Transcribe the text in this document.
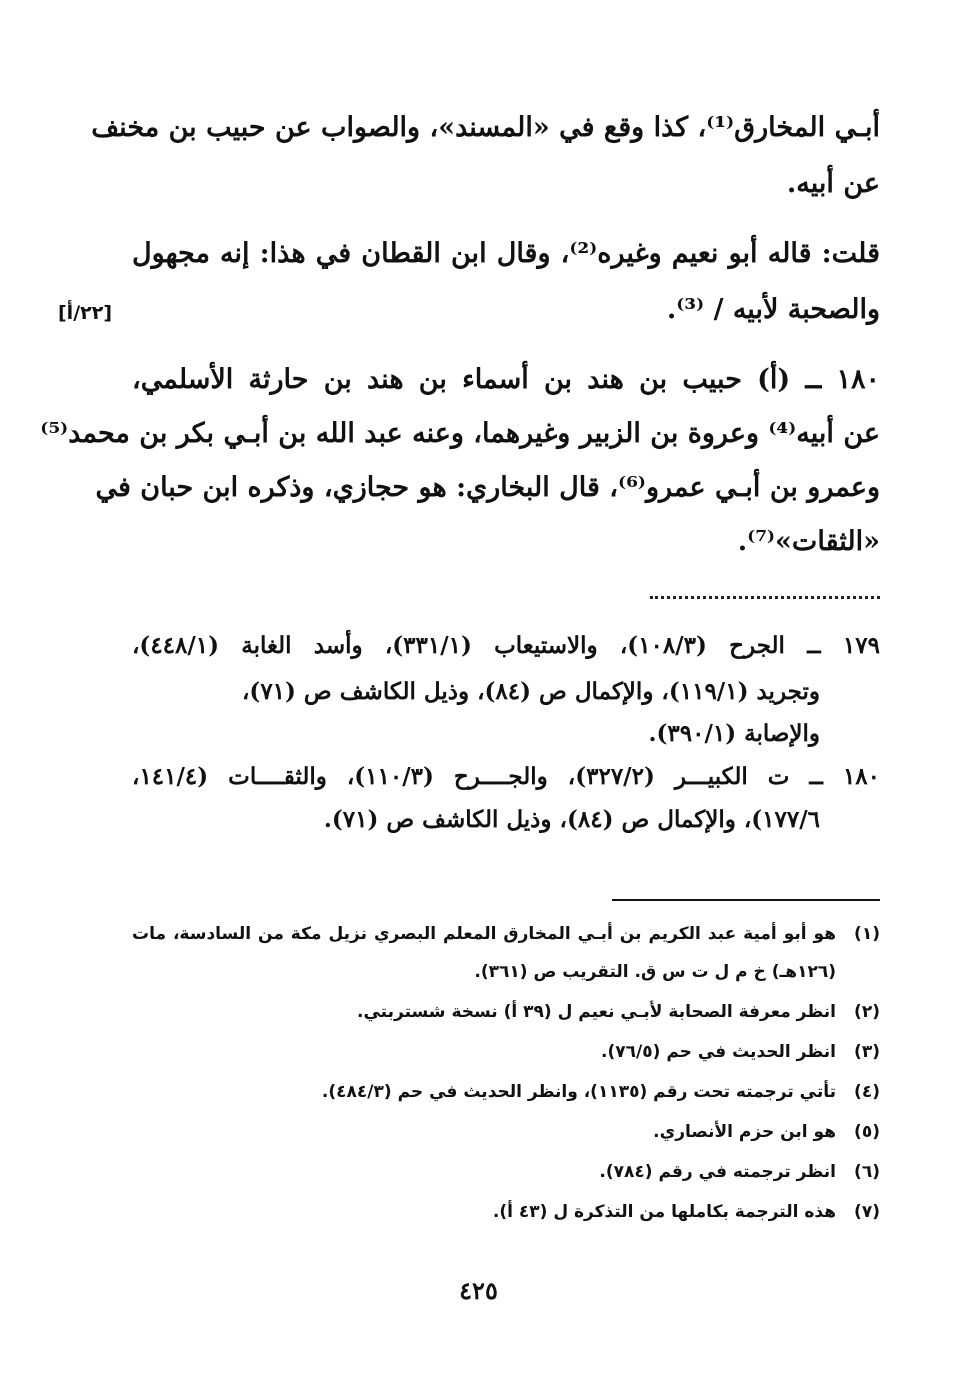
أبـي المخارق⁽¹⁾، كذا وقع في «المسند»، والصواب عن حبيب بن مخنف
عن أبيه.
قلت: قاله أبو نعيم وغيره⁽²⁾، وقال ابن القطان في هذا: إنه مجهول
والصحبة لأبيه / ⁽³⁾.
١٨٠ ــ (أ) حبيب بن هند بن أسماء بن هند بن حارثة الأسلمي،
عن أبيه⁽⁴⁾ وعروة بن الزبير وغيرهما، وعنه عبد الله بن أبـي بكر بن محمد⁽⁵⁾
وعمرو بن أبـي عمرو⁽⁶⁾، قال البخاري: هو حجازي، وذكره ابن حبان في
«الثقات»⁽⁷⁾.
[٢٢/أ]
١٧٩ ــ الجرح (١٠٨/٣)، والاستيعاب (٣٣١/١)، وأسد الغابة (٤٤٨/١)،
وتجريد (١١٩/١)، والإكمال ص (٨٤)، وذيل الكاشف ص (٧١)،
والإصابة (٣٩٠/١).
١٨٠ ــ ت الكبيـــر (٣٢٧/٢)، والجــــرح (١١٠/٣)، والثقــــات (١٤١/٤،
١٧٧/٦)، والإكمال ص (٨٤)، وذيل الكاشف ص (٧١).
(١)
هو أبو أمية عبد الكريم بن أبـي المخارق المعلم البصري نزيل مكة من السادسة، مات
(١٢٦هـ) خ م ل ت س ق. التقريب ص (٣٦١).
(٢)
انظر معرفة الصحابة لأبـي نعيم ل (٣٩ أ) نسخة شستربتي.
(٣)
انظر الحديث في حم (٧٦/٥).
(٤)
تأتي ترجمته تحت رقم (١١٣٥)، وانظر الحديث في حم (٤٨٤/٣).
(٥)
هو ابن حزم الأنصاري.
(٦)
انظر ترجمته في رقم (٧٨٤).
(٧)
هذه الترجمة بكاملها من التذكرة ل (٤٣ أ).
٤٢٥
